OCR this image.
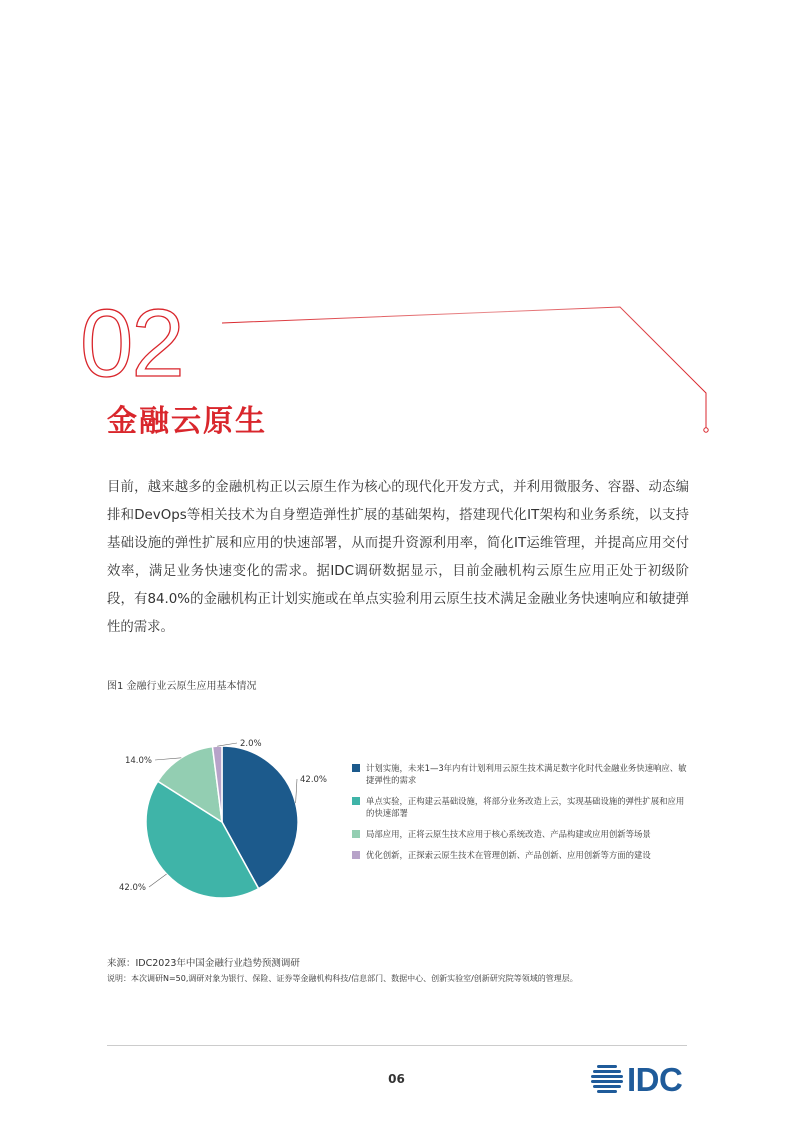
02
金融云原生

目前，越来越多的金融机构正以云原生作为核心的现代化开发方式，并利用微服务、容器、动态编排和DevOps等相关技术为自身塑造弹性扩展的基础架构，搭建现代化IT架构和业务系统，以支持基础设施的弹性扩展和应用的快速部署，从而提升资源利用率，简化IT运维管理，并提高应用交付效率，满足业务快速变化的需求。据IDC调研数据显示，目前金融机构云原生应用正处于初级阶段，有84.0%的金融机构正计划实施或在单点实验利用云原生技术满足金融业务快速响应和敏捷弹性的需求。

图1 金融行业云原生应用基本情况
42.0%
42.0%
14.0%
2.0%
计划实施，未来1—3年内有计划利用云原生技术满足数字化时代金融业务快速响应、敏捷弹性的需求
单点实验，正构建云基础设施，将部分业务改造上云，实现基础设施的弹性扩展和应用的快速部署
局部应用，正将云原生技术应用于核心系统改造、产品构建或应用创新等场景
优化创新，正探索云原生技术在管理创新、产品创新、应用创新等方面的建设
来源：IDC2023年中国金融行业趋势预测调研
说明：本次调研N=50,调研对象为银行、保险、证券等金融机构科技/信息部门、数据中心、创新实验室/创新研究院等领域的管理层。
06	IDC
